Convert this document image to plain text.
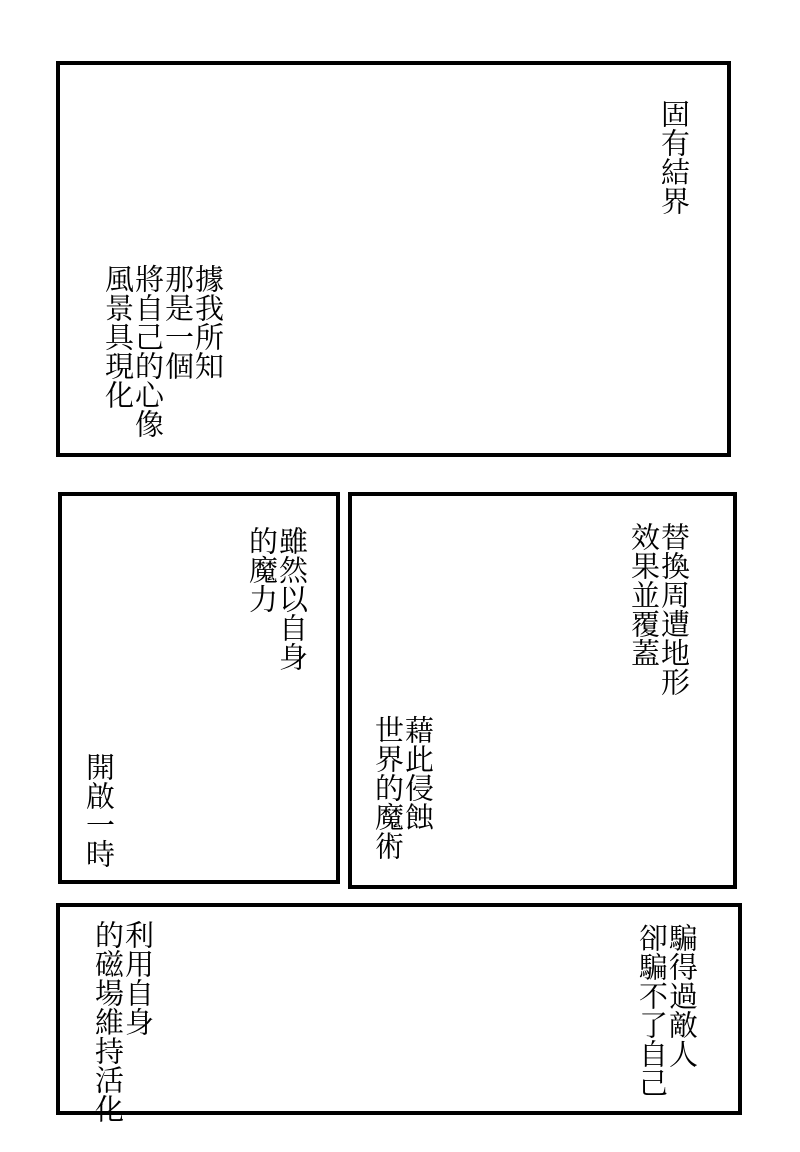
固有結界
據我所知
那是一個
將自己的心像
風景具現化
雖然以自身
的魔力
開啟一時
替換周遭地形
效果並覆蓋
藉此侵蝕
世界的魔術
騙得過敵人
卻騙不了自己
利用自身
的磁場維持活化
